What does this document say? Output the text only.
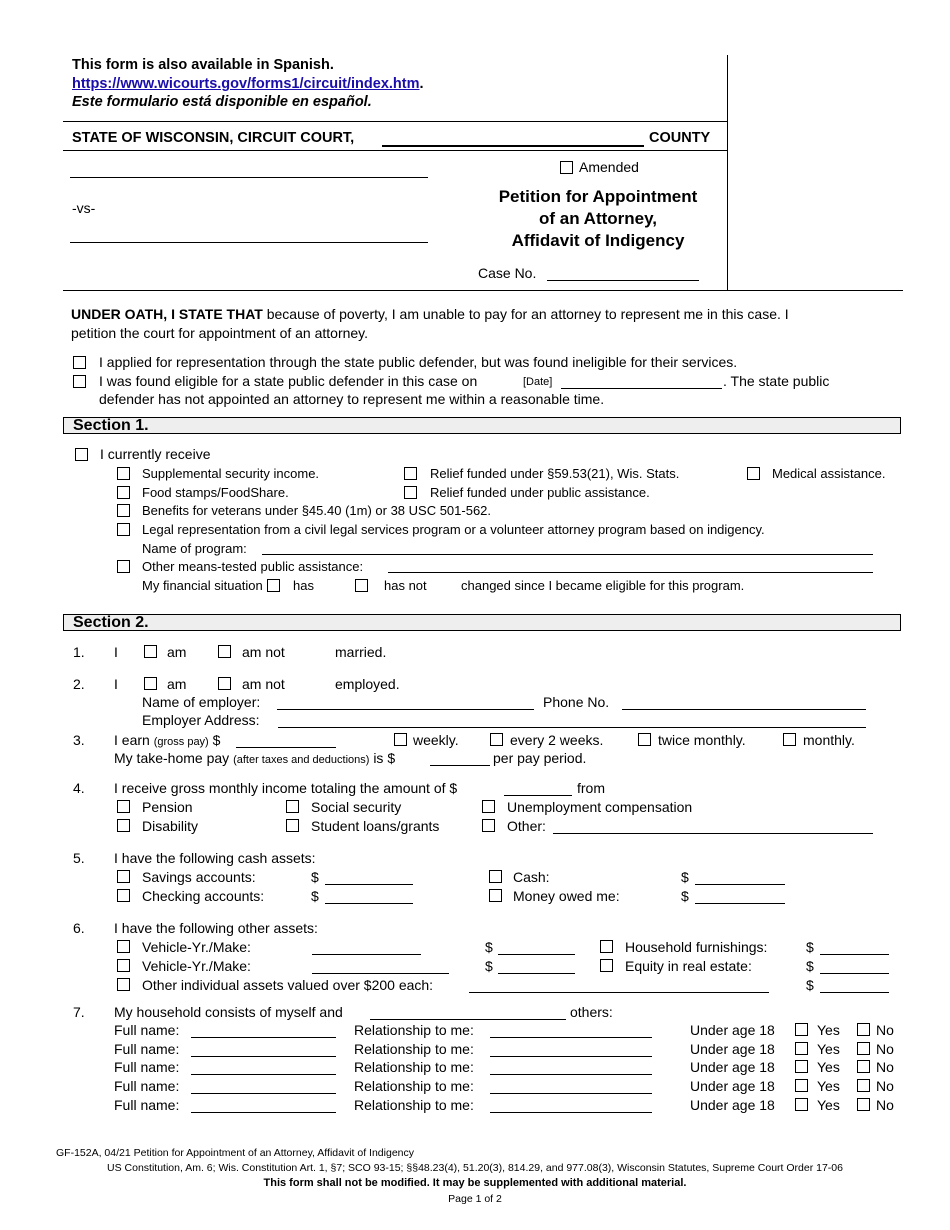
This form is also available in Spanish.
https://www.wicourts.gov/forms1/circuit/index.htm.
Este formulario está disponible en español.
STATE OF WISCONSIN, CIRCUIT COURT,	COUNTY
-vs-
Amended
Petition for Appointment
of an Attorney,
Affidavit of Indigency
Case No.
UNDER OATH, I STATE THAT because of poverty, I am unable to pay for an attorney to represent me in this case. I
petition the court for appointment of an attorney.
I applied for representation through the state public defender, but was found ineligible for their services.
I was found eligible for a state public defender in this case on	[Date]	. The state public
defender has not appointed an attorney to represent me within a reasonable time.
Section 1.
I currently receive
Supplemental security income.	Relief funded under §59.53(21), Wis. Stats.	Medical assistance.
Food stamps/FoodShare.	Relief funded under public assistance.
Benefits for veterans under §45.40 (1m) or 38 USC 501-562.
Legal representation from a civil legal services program or a volunteer attorney program based on indigency.
Name of program:
Other means-tested public assistance:
My financial situation has	has not	changed since I became eligible for this program.
Section 2.
1. I	am	am not	married.
2. I	am	am not	employed.
Name of employer:	Phone No.
Employer Address:
3. I earn (gross pay) $	weekly.	every 2 weeks.	twice monthly.	monthly.
My take-home pay (after taxes and deductions) is $	per pay period.
4. I receive gross monthly income totaling the amount of $	from
Pension	Social security	Unemployment compensation
Disability	Student loans/grants	Other:
5. I have the following cash assets:
Savings accounts:	$	Cash:	$
Checking accounts:	$	Money owed me:	$
6. I have the following other assets:
Vehicle-Yr./Make:	$	Household furnishings:	$
Vehicle-Yr./Make:	$	Equity in real estate:	$
Other individual assets valued over $200 each:	$
7. My household consists of myself and	others:
Full name:	Relationship to me:	Under age 18	Yes	No
Full name:	Relationship to me:	Under age 18	Yes	No
Full name:	Relationship to me:	Under age 18	Yes	No
Full name:	Relationship to me:	Under age 18	Yes	No
Full name:	Relationship to me:	Under age 18	Yes	No
GF-152A, 04/21 Petition for Appointment of an Attorney, Affidavit of Indigency
US Constitution, Am. 6; Wis. Constitution Art. 1, §7; SCO 93-15; §§48.23(4), 51.20(3), 814.29, and 977.08(3), Wisconsin Statutes, Supreme Court Order 17-06
This form shall not be modified. It may be supplemented with additional material.
Page 1 of 2
